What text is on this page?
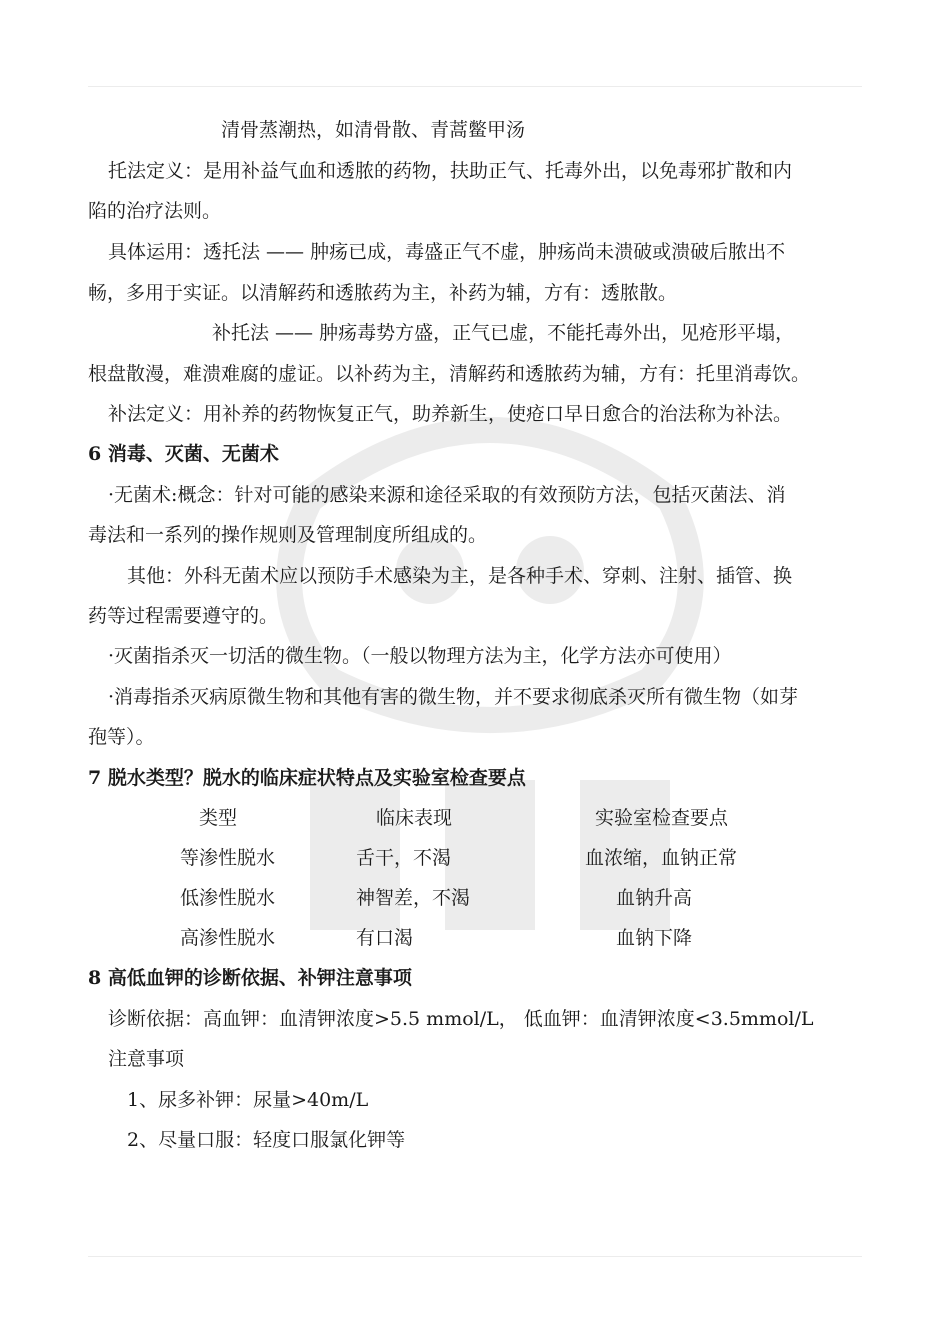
清骨蒸潮热，如清骨散、青蒿鳖甲汤
托法定义：是用补益气血和透脓的药物，扶助正气、托毒外出，以免毒邪扩散和内
陷的治疗法则。
具体运用：透托法 —— 肿疡已成，毒盛正气不虚，肿疡尚未溃破或溃破后脓出不
畅，多用于实证。以清解药和透脓药为主，补药为辅，方有：透脓散。
补托法 —— 肿疡毒势方盛，正气已虚，不能托毒外出，见疮形平塌，
根盘散漫，难溃难腐的虚证。以补药为主，清解药和透脓药为辅，方有：托里消毒饮。
补法定义：用补养的药物恢复正气，助养新生，使疮口早日愈合的治法称为补法。
6 消毒、灭菌、无菌术
·无菌术:概念：针对可能的感染来源和途径采取的有效预防方法，包括灭菌法、消
毒法和一系列的操作规则及管理制度所组成的。
其他：外科无菌术应以预防手术感染为主，是各种手术、穿刺、注射、插管、换
药等过程需要遵守的。
·灭菌指杀灭一切活的微生物。（一般以物理方法为主，化学方法亦可使用）
·消毒指杀灭病原微生物和其他有害的微生物，并不要求彻底杀灭所有微生物（如芽
孢等）。
7 脱水类型？脱水的临床症状特点及实验室检查要点
类型	临床表现	实验室检查要点
等渗性脱水	舌干，不渴	血浓缩，血钠正常
低渗性脱水	神智差，不渴	血钠升高
高渗性脱水	有口渴	血钠下降
8 高低血钾的诊断依据、补钾注意事项
诊断依据：高血钾：血清钾浓度>5.5 mmol/L， 低血钾：血清钾浓度<3.5mmol/L
注意事项
1、尿多补钾：尿量>40m/L
2、尽量口服：轻度口服氯化钾等
